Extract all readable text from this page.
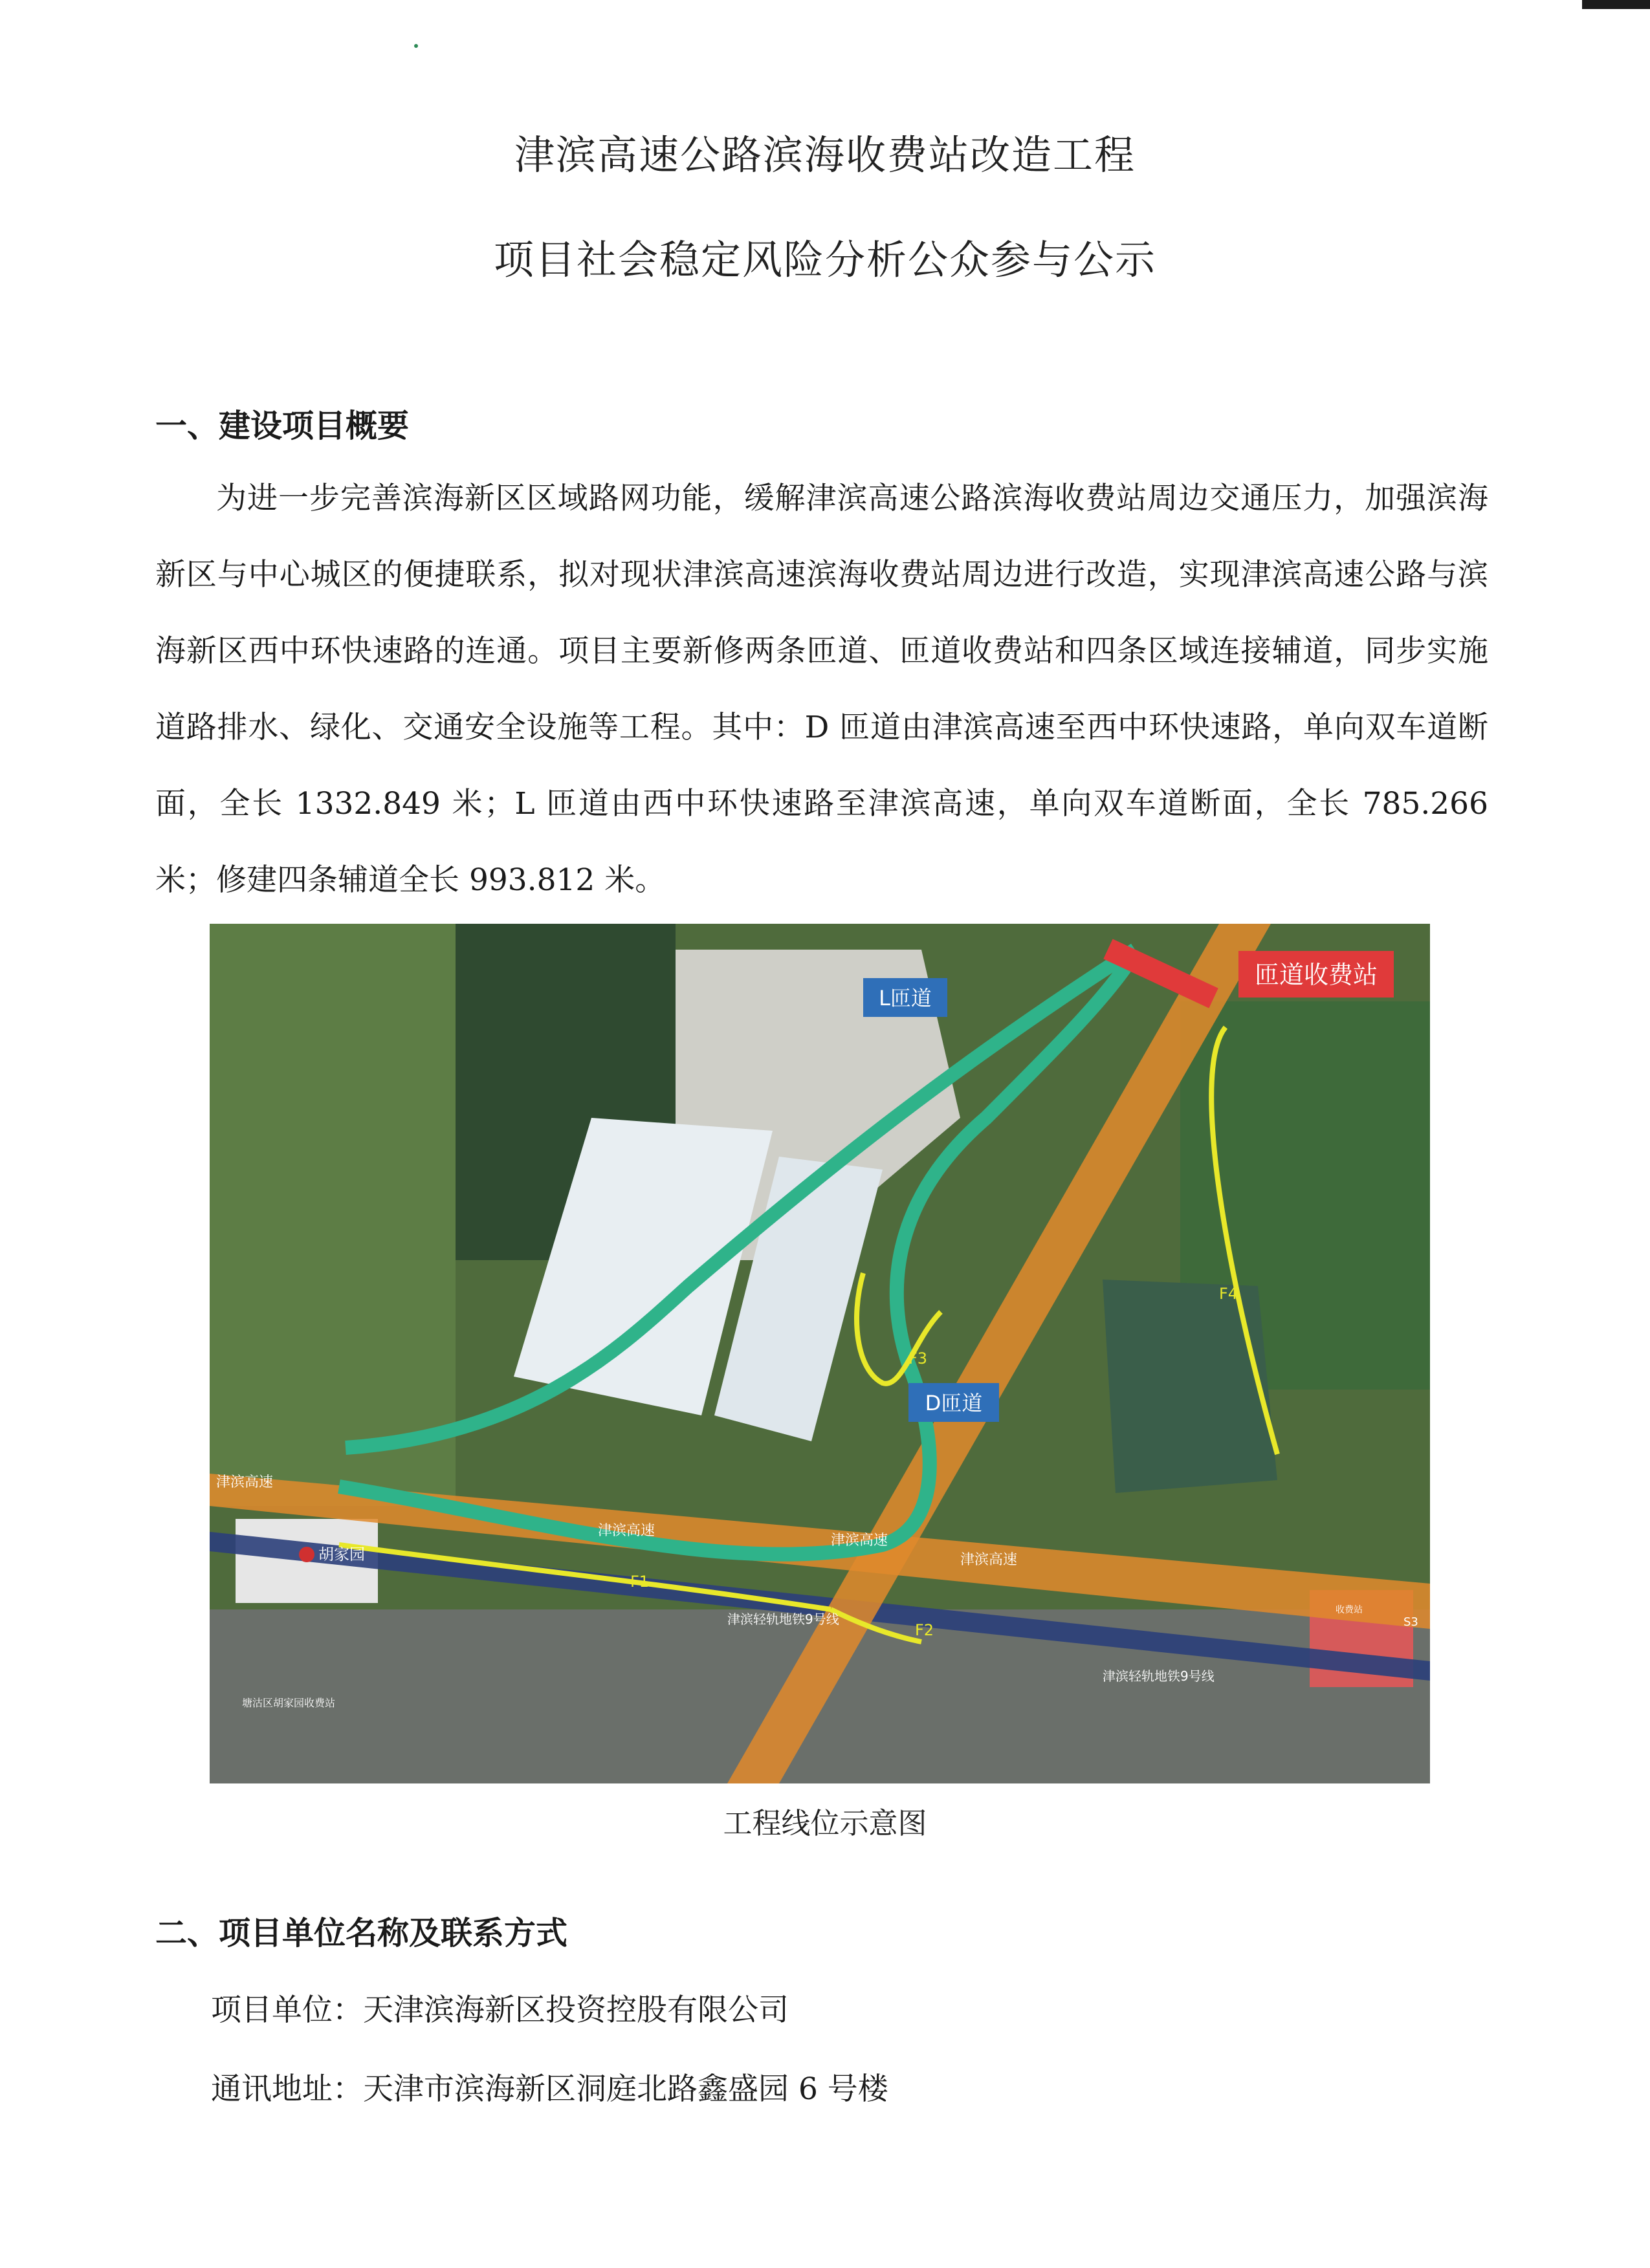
津滨高速公路滨海收费站改造工程
项目社会稳定风险分析公众参与公示
一、建设项目概要

为进一步完善滨海新区区域路网功能，缓解津滨高速公路滨海收费站周边交通压力，加强滨海新区与中心城区的便捷联系，拟对现状津滨高速滨海收费站周边进行改造，实现津滨高速公路与滨海新区西中环快速路的连通。项目主要新修两条匝道、匝道收费站和四条区域连接辅道，同步实施道路排水、绿化、交通安全设施等工程。其中：D 匝道由津滨高速至西中环快速路，单向双车道断面，全长 1332.849 米；L 匝道由西中环快速路至津滨高速，单向双车道断面，全长 785.266 米；修建四条辅道全长 993.812 米。

匝道收费站
L匝道
D匝道
F1
F2
F3
F4
津滨高速
津滨高速
津滨高速
津滨高速
津滨轻轨地铁9号线
津滨轻轨地铁9号线
胡家园
S3
收费站
塘沽区胡家园收费站
工程线位示意图
二、项目单位名称及联系方式
项目单位：天津滨海新区投资控股有限公司
通讯地址：天津市滨海新区洞庭北路鑫盛园 6 号楼
